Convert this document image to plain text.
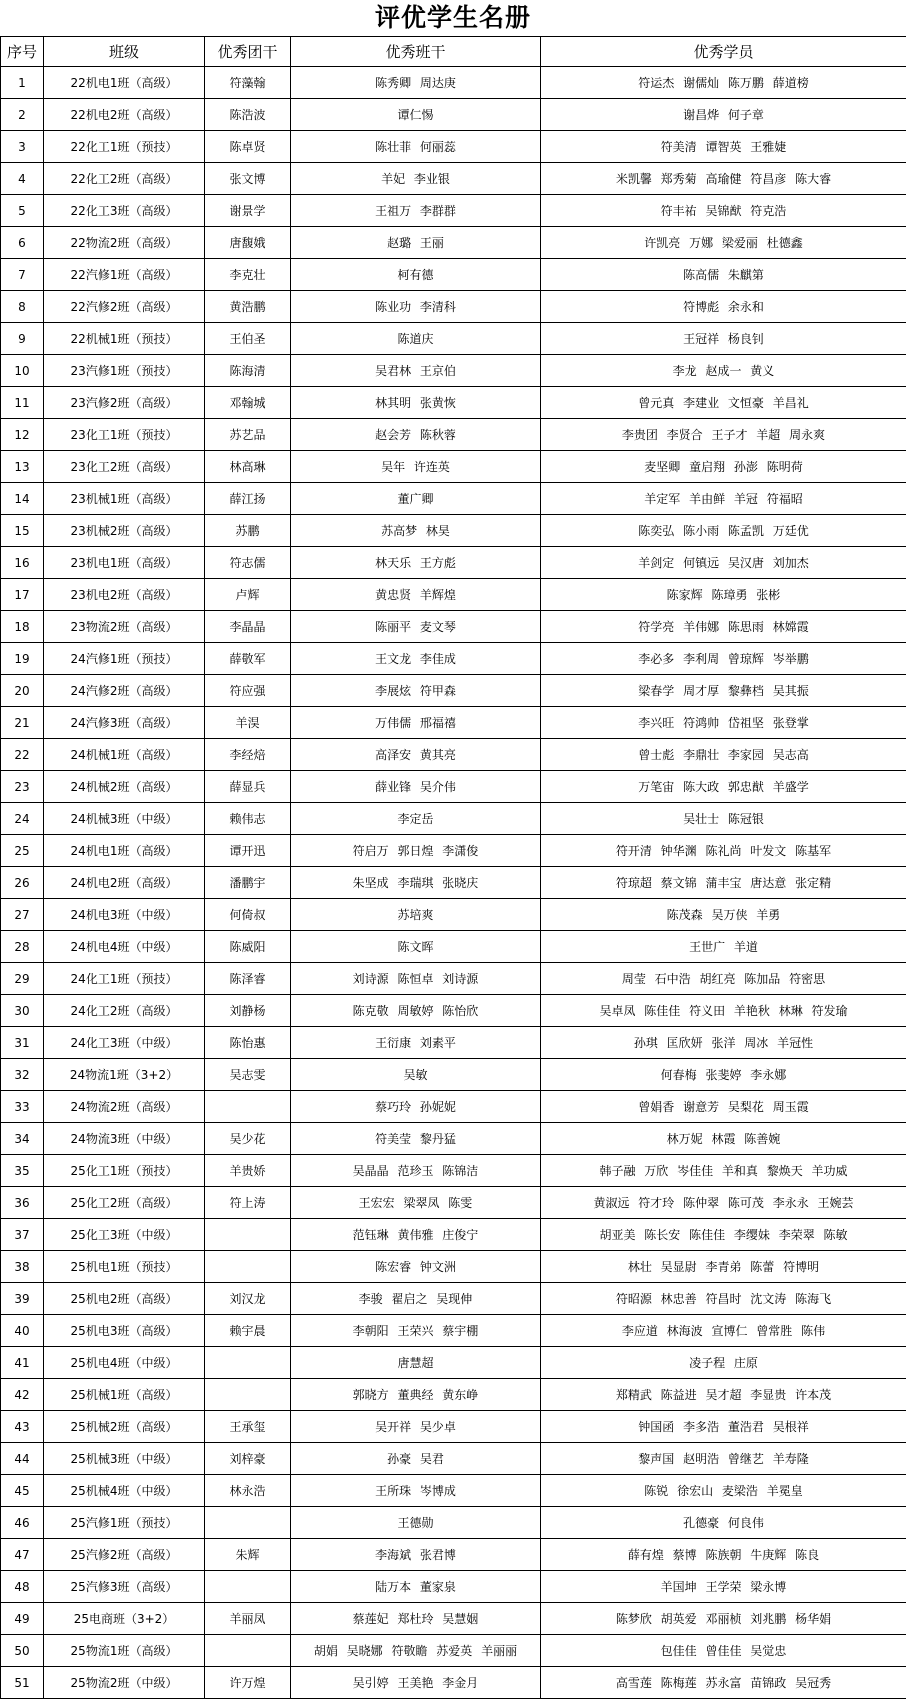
评优学生名册
序号	班级	优秀团干	优秀班干	优秀学员
1	22机电1班（高级）	符藻翰	陈秀卿 周达庚	符运杰 谢儒灿 陈万鹏 薛道榜
2	22机电2班（高级）	陈浩波	谭仁惕	谢昌烨 何子章
3	22化工1班（预技）	陈卓贤	陈壮菲 何丽蕊	符美清 谭智英 王雅婕
4	22化工2班（高级）	张文博	羊妃 李业银	米凯馨 郑秀菊 高瑜健 符昌彦 陈大睿
5	22化工3班（高级）	谢景学	王祖万 李群群	符丰祐 吴锦猷 符克浩
6	22物流2班（高级）	唐馥娥	赵璐 王丽	许凯亮 万娜 梁爱丽 杜德鑫
7	22汽修1班（高级）	李克壮	柯有德	陈高儒 朱麒第
8	22汽修2班（高级）	黄浩鹏	陈业功 李清科	符博彪 余永和
9	22机械1班（预技）	王伯圣	陈道庆	王冠祥 杨良钊
10	23汽修1班（预技）	陈海清	吴君林 王京伯	李龙 赵成一 黄义
11	23汽修2班（高级）	邓翰城	林其明 张黄恢	曾元真 李建业 文恒豪 羊昌礼
12	23化工1班（预技）	苏艺品	赵会芳 陈秋蓉	李贵团 李贤合 王子才 羊超 周永爽
13	23化工2班（高级）	林高琳	吴年 许连英	麦坚卿 童启翔 孙澎 陈明荷
14	23机械1班（高级）	薛江扬	董广卿	羊定军 羊由鲜 羊冠 符福昭
15	23机械2班（高级）	苏鹏	苏高梦 林昊	陈奕弘 陈小雨 陈孟凯 万廷优
16	23机电1班（高级）	符志儒	林天乐 王方彪	羊剑定 何镇远 吴汉唐 刘加杰
17	23机电2班（高级）	卢辉	黄忠贤 羊辉煌	陈家辉 陈璋勇 张彬
18	23物流2班（高级）	李晶晶	陈丽平 麦文琴	符学亮 羊伟娜 陈思雨 林嫦霞
19	24汽修1班（预技）	薛敬军	王文龙 李佳成	李必多 李利周 曾琼辉 岑举鹏
20	24汽修2班（高级）	符应强	李展炫 符甲森	梁春学 周才厚 黎彝档 吴其振
21	24汽修3班（高级）	羊淏	万伟儒 邢福禧	李兴旺 符鸿帅 岱祖坚 张登掌
22	24机械1班（高级）	李经焙	高泽安 黄其亮	曾士彪 李鼎壮 李家园 吴志高
23	24机械2班（高级）	薛显兵	薛业锋 吴介伟	万笔宙 陈大政 郭忠猷 羊盛学
24	24机械3班（中级）	赖伟志	李定岳	吴壮士 陈冠银
25	24机电1班（高级）	谭开迅	符启万 郭日煌 李潇俊	符开清 钟华渊 陈礼尚 叶发文 陈基军
26	24机电2班（高级）	潘鹏宇	朱坚成 李瑞琪 张晓庆	符琼超 蔡文锦 蒲丰宝 唐达意 张定精
27	24机电3班（中级）	何倚叔	苏培爽	陈茂森 吴万侠 羊勇
28	24机电4班（中级）	陈威阳	陈文晖	王世广 羊道
29	24化工1班（预技）	陈泽睿	刘诗源 陈恒卓 刘诗源	周莹 石中浩 胡红亮 陈加品 符密思
30	24化工2班（高级）	刘静杨	陈克敬 周敏婷 陈怡欣	吴卓凤 陈佳佳 符义田 羊艳秋 林琳 符发瑜
31	24化工3班（中级）	陈怡惠	王衍康 刘素平	孙琪 匡欣妍 张洋 周冰 羊冠性
32	24物流1班（3+2）	吴志雯	吴敏	何春梅 张斐婷 李永娜
33	24物流2班（高级）		蔡巧玲 孙妮妮	曾娟香 谢意芳 吴梨花 周玉霞
34	24物流3班（中级）	吴少花	符美莹 黎丹猛	林万妮 林霞 陈善婉
35	25化工1班（预技）	羊贵娇	吴晶晶 范珍玉 陈锦洁	韩子融 万欣 岑佳佳 羊和真 黎焕天 羊功威
36	25化工2班（高级）	符上涛	王宏宏 梁翠凤 陈雯	黄淑远 符才玲 陈仲翠 陈可茂 李永永 王婉芸
37	25化工3班（中级）		范钰琳 黄伟雅 庄俊宁	胡亚美 陈长安 陈佳佳 李缨妹 李荣翠 陈敏
38	25机电1班（预技）		陈宏睿 钟文洲	林壮 吴显尉 李青弟 陈蕾 符博明
39	25机电2班（高级）	刘汉龙	李骏 翟启之 吴现伸	符昭源 林忠善 符昌时 沈文涛 陈海飞
40	25机电3班（高级）	赖宇晨	李朝阳 王荣兴 蔡宇棚	李应道 林海波 宣博仁 曾常胜 陈伟
41	25机电4班（中级）		唐慧超	凌子程 庄原
42	25机械1班（高级）		郭晓方 董典经 黄东峥	郑精武 陈益进 吴才超 李显贵 许本茂
43	25机械2班（高级）	王承玺	吴开祥 吴少卓	钟国函 李多浩 董浩君 吴根祥
44	25机械3班（中级）	刘梓豪	孙豪 吴君	黎声国 赵明浩 曾继艺 羊寿隆
45	25机械4班（中级）	林永浩	王所珠 岑博成	陈锐 徐宏山 麦梁浩 羊冕皇
46	25汽修1班（预技）		王德勋	孔德豪 何良伟
47	25汽修2班（高级）	朱辉	李海斌 张君博	薛有煌 蔡博 陈族朝 牛庚辉 陈良
48	25汽修3班（高级）		陆万本 董家泉	羊国坤 王学荣 梁永博
49	25电商班（3+2）	羊丽凤	蔡莲妃 郑杜玲 吴慧姻	陈梦欣 胡英爱 邓丽桢 刘兆鹏 杨华娟
50	25物流1班（高级）		胡娟 吴晓娜 符敬瞻 苏爱英 羊丽丽	包佳佳 曾佳佳 吴觉忠
51	25物流2班（中级）	许万煌	吴引婷 王美艳 李金月	高雪莲 陈梅莲 苏永富 苗锦政 吴冠秀
